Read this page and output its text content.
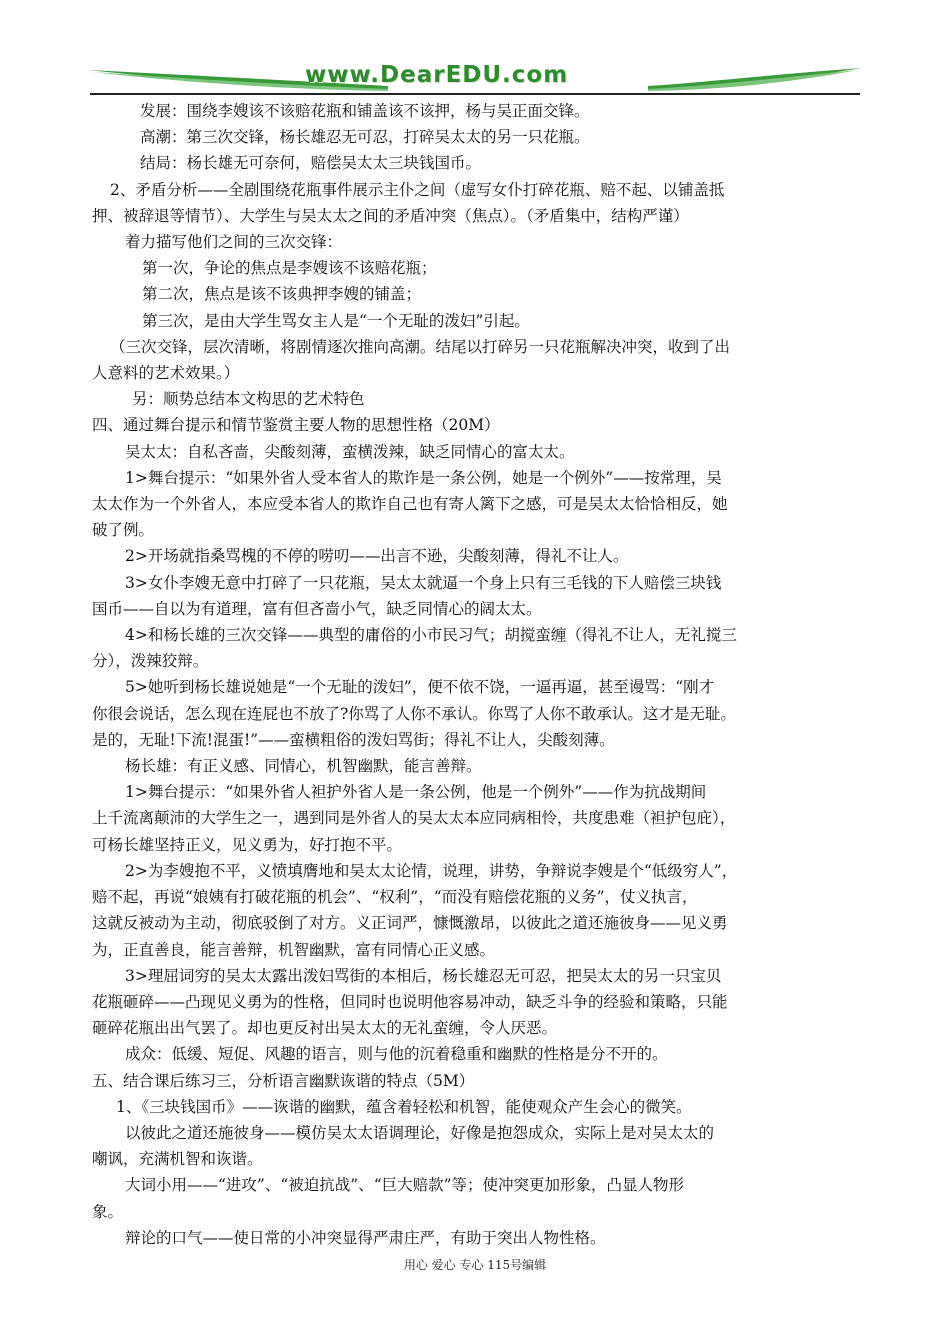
www.DearEDU.com
发展：围绕李嫂该不该赔花瓶和铺盖该不该押，杨与吴正面交锋。
高潮：第三次交锋，杨长雄忍无可忍，打碎吴太太的另一只花瓶。
结局：杨长雄无可奈何，赔偿吴太太三块钱国币。
2、矛盾分析——全剧围绕花瓶事件展示主仆之间（虚写女仆打碎花瓶、赔不起、以铺盖抵
押、被辞退等情节）、大学生与吴太太之间的矛盾冲突（焦点）。（矛盾集中，结构严谨）
着力描写他们之间的三次交锋：
第一次，争论的焦点是李嫂该不该赔花瓶；
第二次，焦点是该不该典押李嫂的铺盖；
第三次，是由大学生骂女主人是“一个无耻的泼妇”引起。
（三次交锋，层次清晰，将剧情逐次推向高潮。结尾以打碎另一只花瓶解决冲突，收到了出
人意料的艺术效果。）
另：顺势总结本文构思的艺术特色
四、通过舞台提示和情节鉴赏主要人物的思想性格（20M）
吴太太：自私吝啬，尖酸刻薄，蛮横泼辣，缺乏同情心的富太太。
1>舞台提示：“如果外省人受本省人的欺诈是一条公例，她是一个例外”——按常理，吴
太太作为一个外省人，本应受本省人的欺诈自己也有寄人篱下之感，可是吴太太恰恰相反，她
破了例。
2>开场就指桑骂槐的不停的唠叨——出言不逊，尖酸刻薄，得礼不让人。
3>女仆李嫂无意中打碎了一只花瓶，吴太太就逼一个身上只有三毛钱的下人赔偿三块钱
国币——自以为有道理，富有但吝啬小气，缺乏同情心的阔太太。
4>和杨长雄的三次交锋——典型的庸俗的小市民习气；胡搅蛮缠（得礼不让人，无礼搅三
分），泼辣狡辩。
5>她听到杨长雄说她是“一个无耻的泼妇”，便不依不饶，一逼再逼，甚至谩骂：“刚才
你很会说话，怎么现在连屁也不放了?你骂了人你不承认。你骂了人你不敢承认。这才是无耻。
是的，无耻!下流!混蛋!”——蛮横粗俗的泼妇骂街；得礼不让人，尖酸刻薄。
杨长雄：有正义感、同情心，机智幽默，能言善辩。
1>舞台提示：“如果外省人袒护外省人是一条公例，他是一个例外”——作为抗战期间
上千流离颠沛的大学生之一，遇到同是外省人的吴太太本应同病相怜，共度患难（袒护包庇），
可杨长雄坚持正义，见义勇为，好打抱不平。
2>为李嫂抱不平，义愤填膺地和吴太太论情，说理，讲势，争辩说李嫂是个“低级穷人”，
赔不起，再说“娘姨有打破花瓶的机会”、“权利”，“而没有赔偿花瓶的义务”，仗义执言，
这就反被动为主动，彻底驳倒了对方。义正词严，慷慨激昂，以彼此之道还施彼身——见义勇
为，正直善良，能言善辩，机智幽默，富有同情心正义感。
3>理屈词穷的吴太太露出泼妇骂街的本相后，杨长雄忍无可忍，把吴太太的另一只宝贝
花瓶砸碎——凸现见义勇为的性格，但同时也说明他容易冲动，缺乏斗争的经验和策略，只能
砸碎花瓶出出气罢了。却也更反衬出吴太太的无礼蛮缠，令人厌恶。
成众：低缓、短促、风趣的语言，则与他的沉着稳重和幽默的性格是分不开的。
五、结合课后练习三，分析语言幽默诙谐的特点（5M）
1、《三块钱国币》——诙谐的幽默，蕴含着轻松和机智，能使观众产生会心的微笑。
以彼此之道还施彼身——模仿吴太太语调理论，好像是抱怨成众，实际上是对吴太太的
嘲讽，充满机智和诙谐。
大词小用——“进攻”、“被迫抗战”、“巨大赔款”等；使冲突更加形象，凸显人物形
象。
辩论的口气——使日常的小冲突显得严肃庄严，有助于突出人物性格。
用心 爱心 专心 115号编辑
